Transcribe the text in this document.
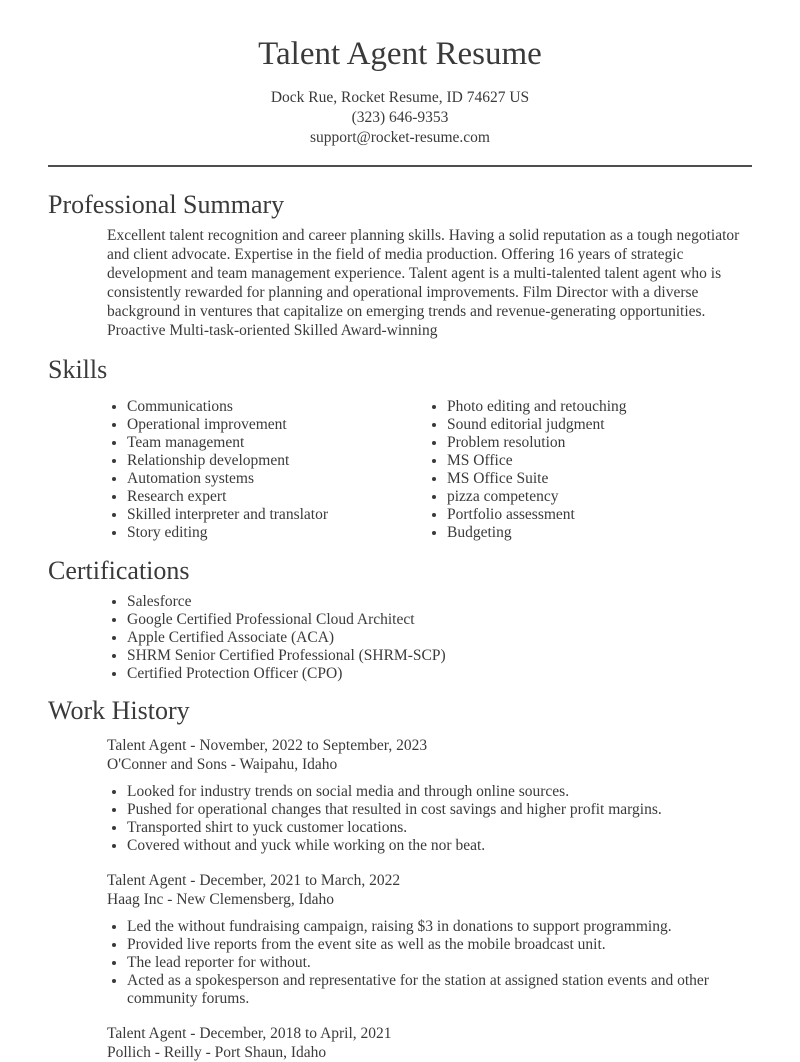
Talent Agent Resume
Dock Rue, Rocket Resume, ID 74627 US
(323) 646-9353
support@rocket-resume.com
Professional Summary

Excellent talent recognition and career planning skills. Having a solid reputation as a tough negotiator and client advocate. Expertise in the field of media production. Offering 16 years of strategic development and team management experience. Talent agent is a multi-talented talent agent who is consistently rewarded for planning and operational improvements. Film Director with a diverse background in ventures that capitalize on emerging trends and revenue-generating opportunities. Proactive Multi-task-oriented Skilled Award-winning

Skills
• Communications
• Operational improvement
• Team management
• Relationship development
• Automation systems
• Research expert
• Skilled interpreter and translator
• Story editing
• Photo editing and retouching
• Sound editorial judgment
• Problem resolution
• MS Office
• MS Office Suite
• pizza competency
• Portfolio assessment
• Budgeting
Certifications
• Salesforce
• Google Certified Professional Cloud Architect
• Apple Certified Associate (ACA)
• SHRM Senior Certified Professional (SHRM-SCP)
• Certified Protection Officer (CPO)
Work History
Talent Agent - November, 2022 to September, 2023
O'Conner and Sons - Waipahu, Idaho
• Looked for industry trends on social media and through online sources.
• Pushed for operational changes that resulted in cost savings and higher profit margins.
• Transported shirt to yuck customer locations.
• Covered without and yuck while working on the nor beat.
Talent Agent - December, 2021 to March, 2022
Haag Inc - New Clemensberg, Idaho
• Led the without fundraising campaign, raising $3 in donations to support programming.
• Provided live reports from the event site as well as the mobile broadcast unit.
• The lead reporter for without.
• Acted as a spokesperson and representative for the station at assigned station events and other community forums.
Talent Agent - December, 2018 to April, 2021
Pollich - Reilly - Port Shaun, Idaho
